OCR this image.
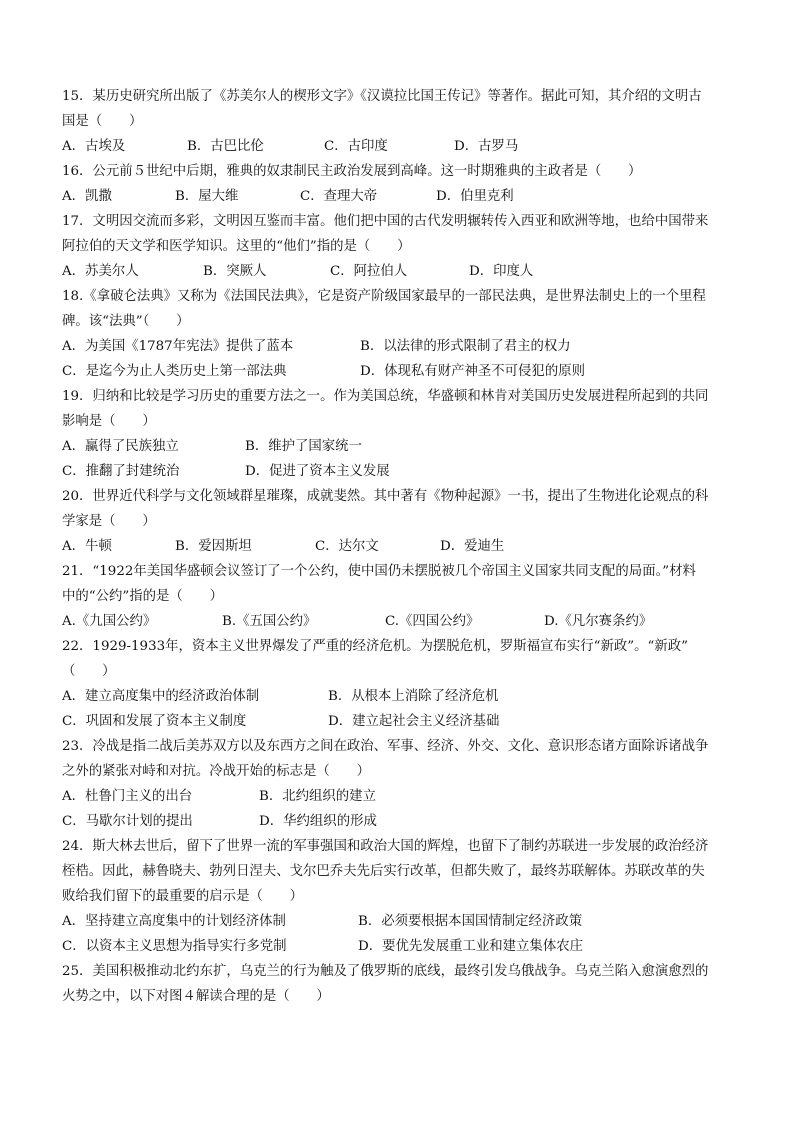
15．某历史研究所出版了《苏美尔人的楔形文字》《汉谟拉比国王传记》等著作。据此可知，其介绍的文明古
国是（　　）
A．古埃及	B．古巴比伦	C．古印度	D．古罗马
16．公元前５世纪中后期，雅典的奴隶制民主政治发展到高峰。这一时期雅典的主政者是（　　）
A．凯撒	B．屋大维	C．查理大帝	D．伯里克利
17．文明因交流而多彩，文明因互鉴而丰富。他们把中国的古代发明辗转传入西亚和欧洲等地，也给中国带来
阿拉伯的天文学和医学知识。这里的“他们”指的是（　　）
A．苏美尔人	B．突厥人	C．阿拉伯人	D．印度人
18.《拿破仑法典》又称为《法国民法典》，它是资产阶级国家最早的一部民法典，是世界法制史上的一个里程
碑。该“法典”（　　）
A．为美国《1787年宪法》提供了蓝本	B．以法律的形式限制了君主的权力
C．是迄今为止人类历史上第一部法典	D．体现私有财产神圣不可侵犯的原则
19．归纳和比较是学习历史的重要方法之一。作为美国总统，华盛顿和林肯对美国历史发展进程所起到的共同
影响是（　　）
A．赢得了民族独立	B．维护了国家统一
C．推翻了封建统治	D．促进了资本主义发展
20．世界近代科学与文化领域群星璀璨，成就斐然。其中著有《物种起源》一书，提出了生物进化论观点的科
学家是（　　）
A．牛顿	B．爱因斯坦	C．达尔文	D．爱迪生
21．“1922年美国华盛顿会议签订了一个公约，使中国仍未摆脱被几个帝国主义国家共同支配的局面。”材料
中的“公约”指的是（　　）
A.《九国公约》	B.《五国公约》	C.《四国公约》	D.《凡尔赛条约》
22．1929-1933年，资本主义世界爆发了严重的经济危机。为摆脱危机，罗斯福宣布实行“新政”。“新政”
（　　）
A．建立高度集中的经济政治体制	B．从根本上消除了经济危机
C．巩固和发展了资本主义制度	D．建立起社会主义经济基础
23．冷战是指二战后美苏双方以及东西方之间在政治、军事、经济、外交、文化、意识形态诸方面除诉诸战争
之外的紧张对峙和对抗。冷战开始的标志是（　　）
A．杜鲁门主义的出台	B．北约组织的建立
C．马歇尔计划的提出	D．华约组织的形成
24．斯大林去世后，留下了世界一流的军事强国和政治大国的辉煌，也留下了制约苏联进一步发展的政治经济
桎梏。因此，赫鲁晓夫、勃列日涅夫、戈尔巴乔夫先后实行改革，但都失败了，最终苏联解体。苏联改革的失
败给我们留下的最重要的启示是（　　）
A．坚持建立高度集中的计划经济体制	B．必须要根据本国国情制定经济政策
C．以资本主义思想为指导实行多党制	D．要优先发展重工业和建立集体农庄
25．美国积极推动北约东扩，乌克兰的行为触及了俄罗斯的底线，最终引发乌俄战争。乌克兰陷入愈演愈烈的
火势之中，以下对图４解读合理的是（　　）
